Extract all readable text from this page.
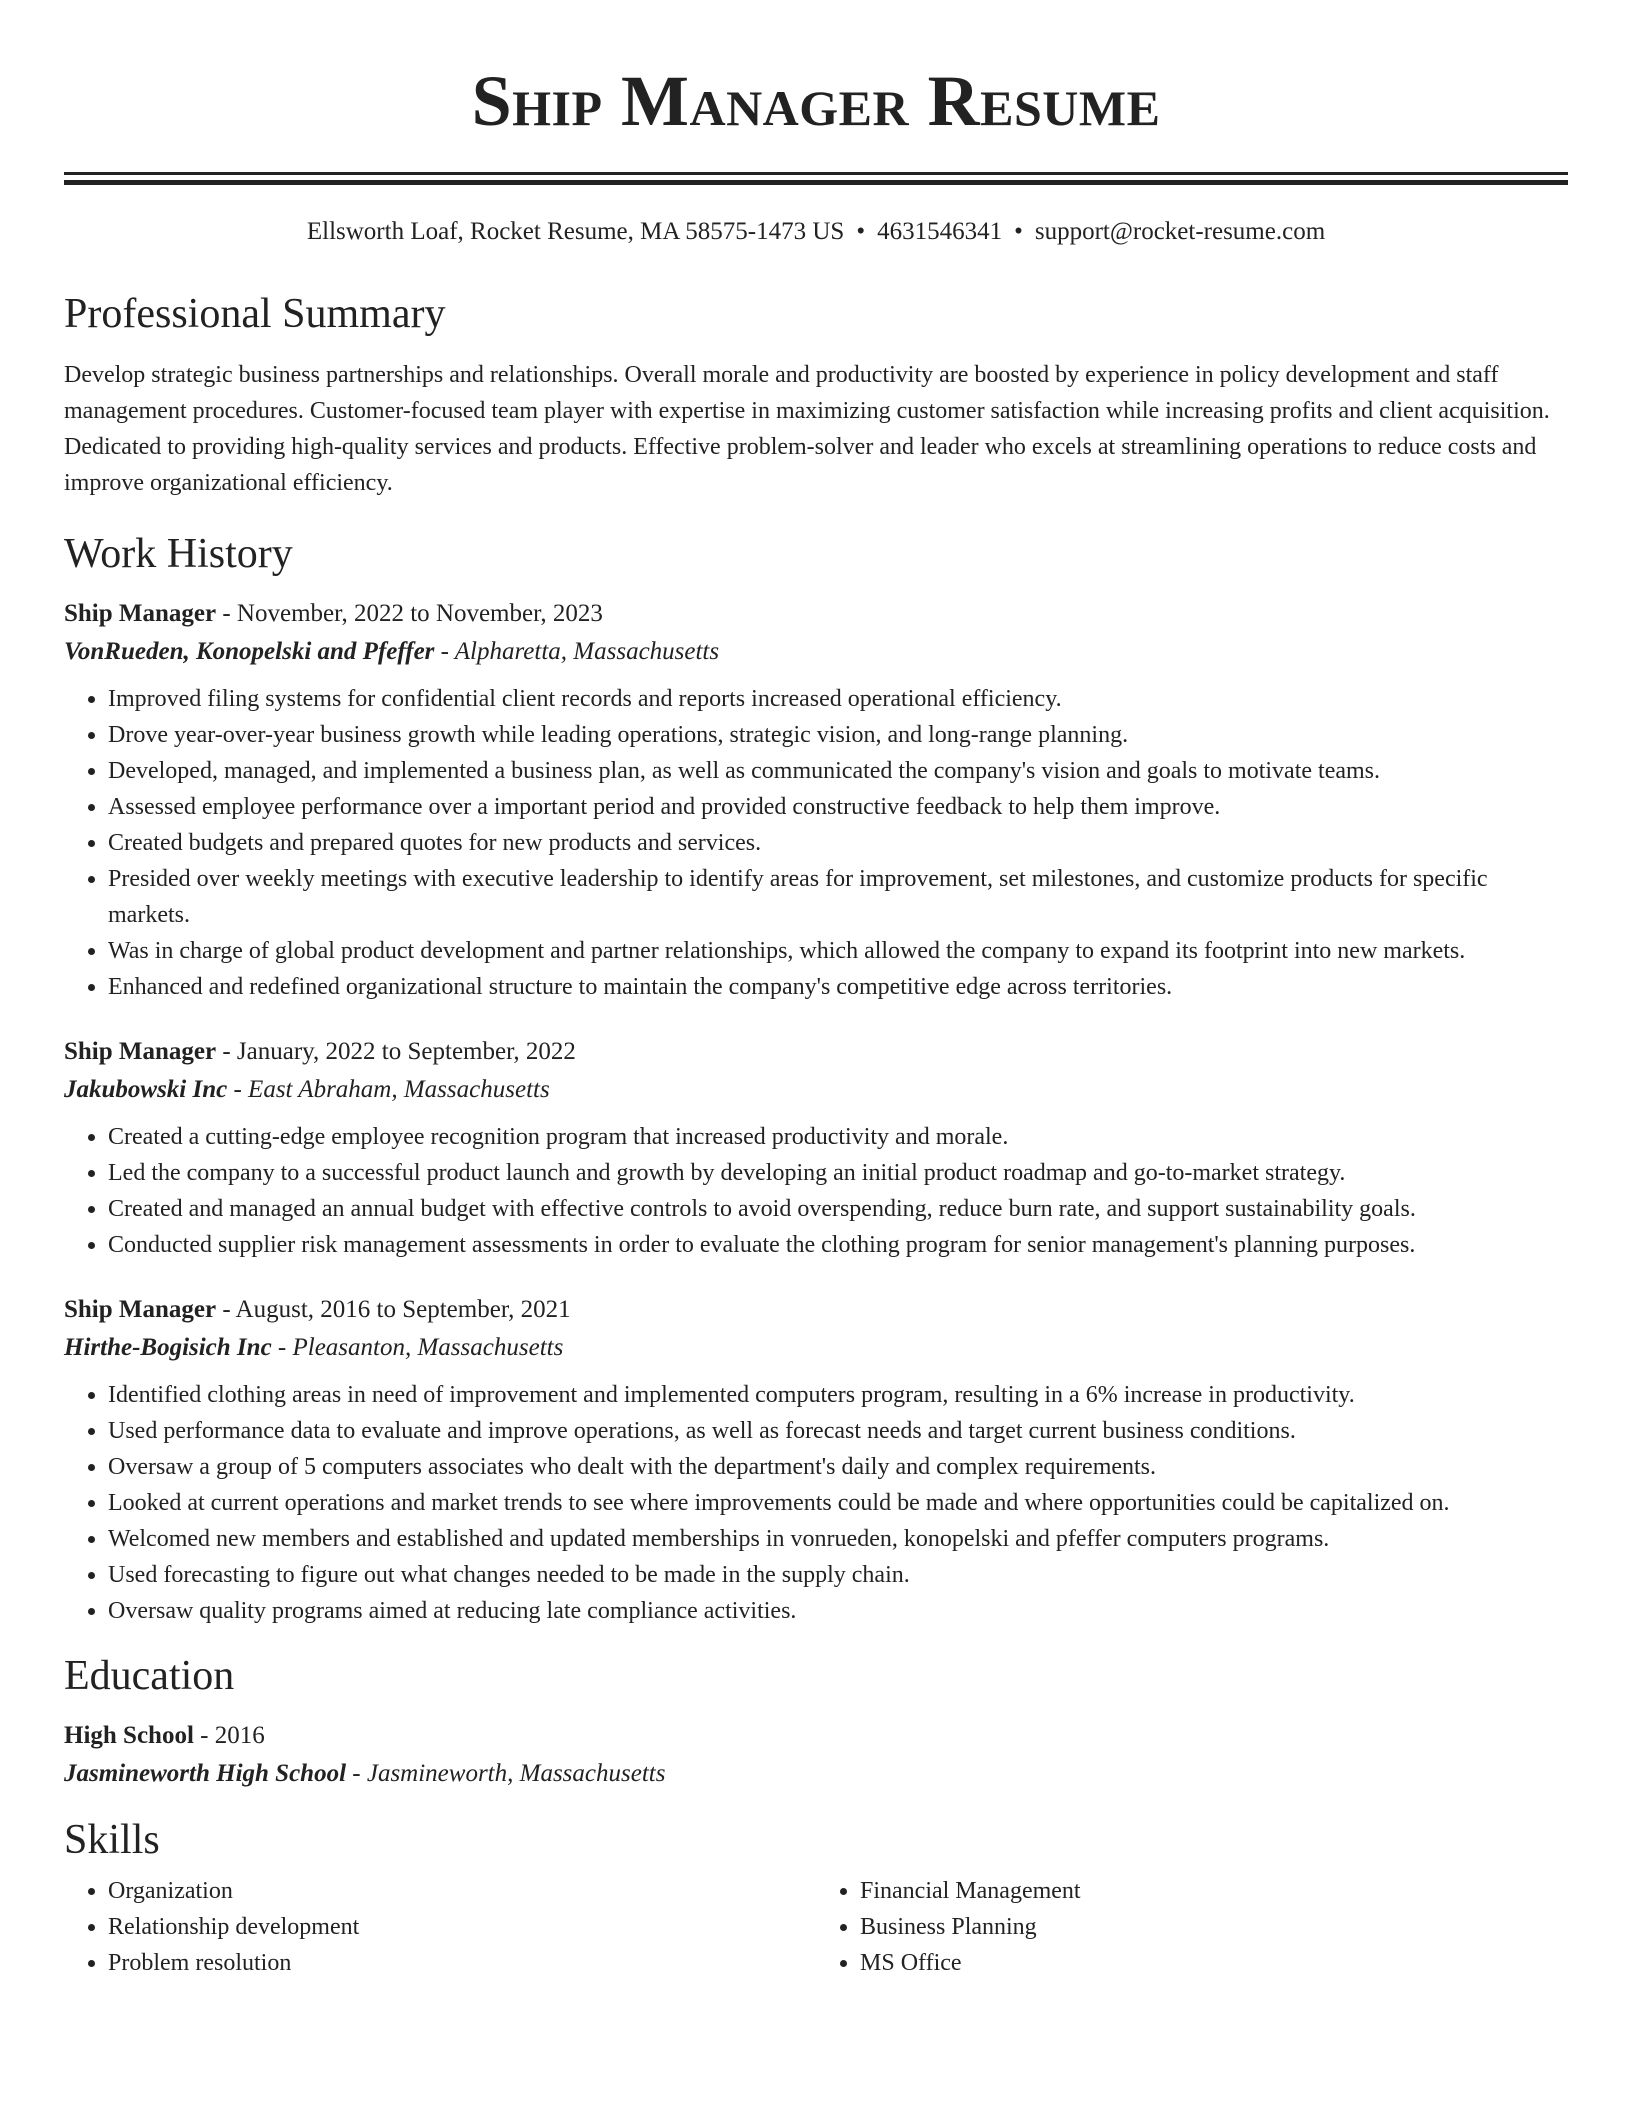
Ship Manager Resume
Ellsworth Loaf, Rocket Resume, MA 58575-1473 US • 4631546341 • support@rocket-resume.com
Professional Summary
Develop strategic business partnerships and relationships. Overall morale and productivity are boosted by experience in policy development and staff management procedures. Customer-focused team player with expertise in maximizing customer satisfaction while increasing profits and client acquisition. Dedicated to providing high-quality services and products. Effective problem-solver and leader who excels at streamlining operations to reduce costs and improve organizational efficiency.
Work History
Ship Manager - November, 2022 to November, 2023
VonRueden, Konopelski and Pfeffer - Alpharetta, Massachusetts
• Improved filing systems for confidential client records and reports increased operational efficiency.
• Drove year-over-year business growth while leading operations, strategic vision, and long-range planning.
• Developed, managed, and implemented a business plan, as well as communicated the company's vision and goals to motivate teams.
• Assessed employee performance over a important period and provided constructive feedback to help them improve.
• Created budgets and prepared quotes for new products and services.
• Presided over weekly meetings with executive leadership to identify areas for improvement, set milestones, and customize products for specific markets.
• Was in charge of global product development and partner relationships, which allowed the company to expand its footprint into new markets.
• Enhanced and redefined organizational structure to maintain the company's competitive edge across territories.
Ship Manager - January, 2022 to September, 2022
Jakubowski Inc - East Abraham, Massachusetts
• Created a cutting-edge employee recognition program that increased productivity and morale.
• Led the company to a successful product launch and growth by developing an initial product roadmap and go-to-market strategy.
• Created and managed an annual budget with effective controls to avoid overspending, reduce burn rate, and support sustainability goals.
• Conducted supplier risk management assessments in order to evaluate the clothing program for senior management's planning purposes.
Ship Manager - August, 2016 to September, 2021
Hirthe-Bogisich Inc - Pleasanton, Massachusetts
• Identified clothing areas in need of improvement and implemented computers program, resulting in a 6% increase in productivity.
• Used performance data to evaluate and improve operations, as well as forecast needs and target current business conditions.
• Oversaw a group of 5 computers associates who dealt with the department's daily and complex requirements.
• Looked at current operations and market trends to see where improvements could be made and where opportunities could be capitalized on.
• Welcomed new members and established and updated memberships in vonrueden, konopelski and pfeffer computers programs.
• Used forecasting to figure out what changes needed to be made in the supply chain.
• Oversaw quality programs aimed at reducing late compliance activities.
Education
High School - 2016
Jasmineworth High School - Jasmineworth, Massachusetts
Skills
• Organization
• Relationship development
• Problem resolution
• Financial Management
• Business Planning
• MS Office
